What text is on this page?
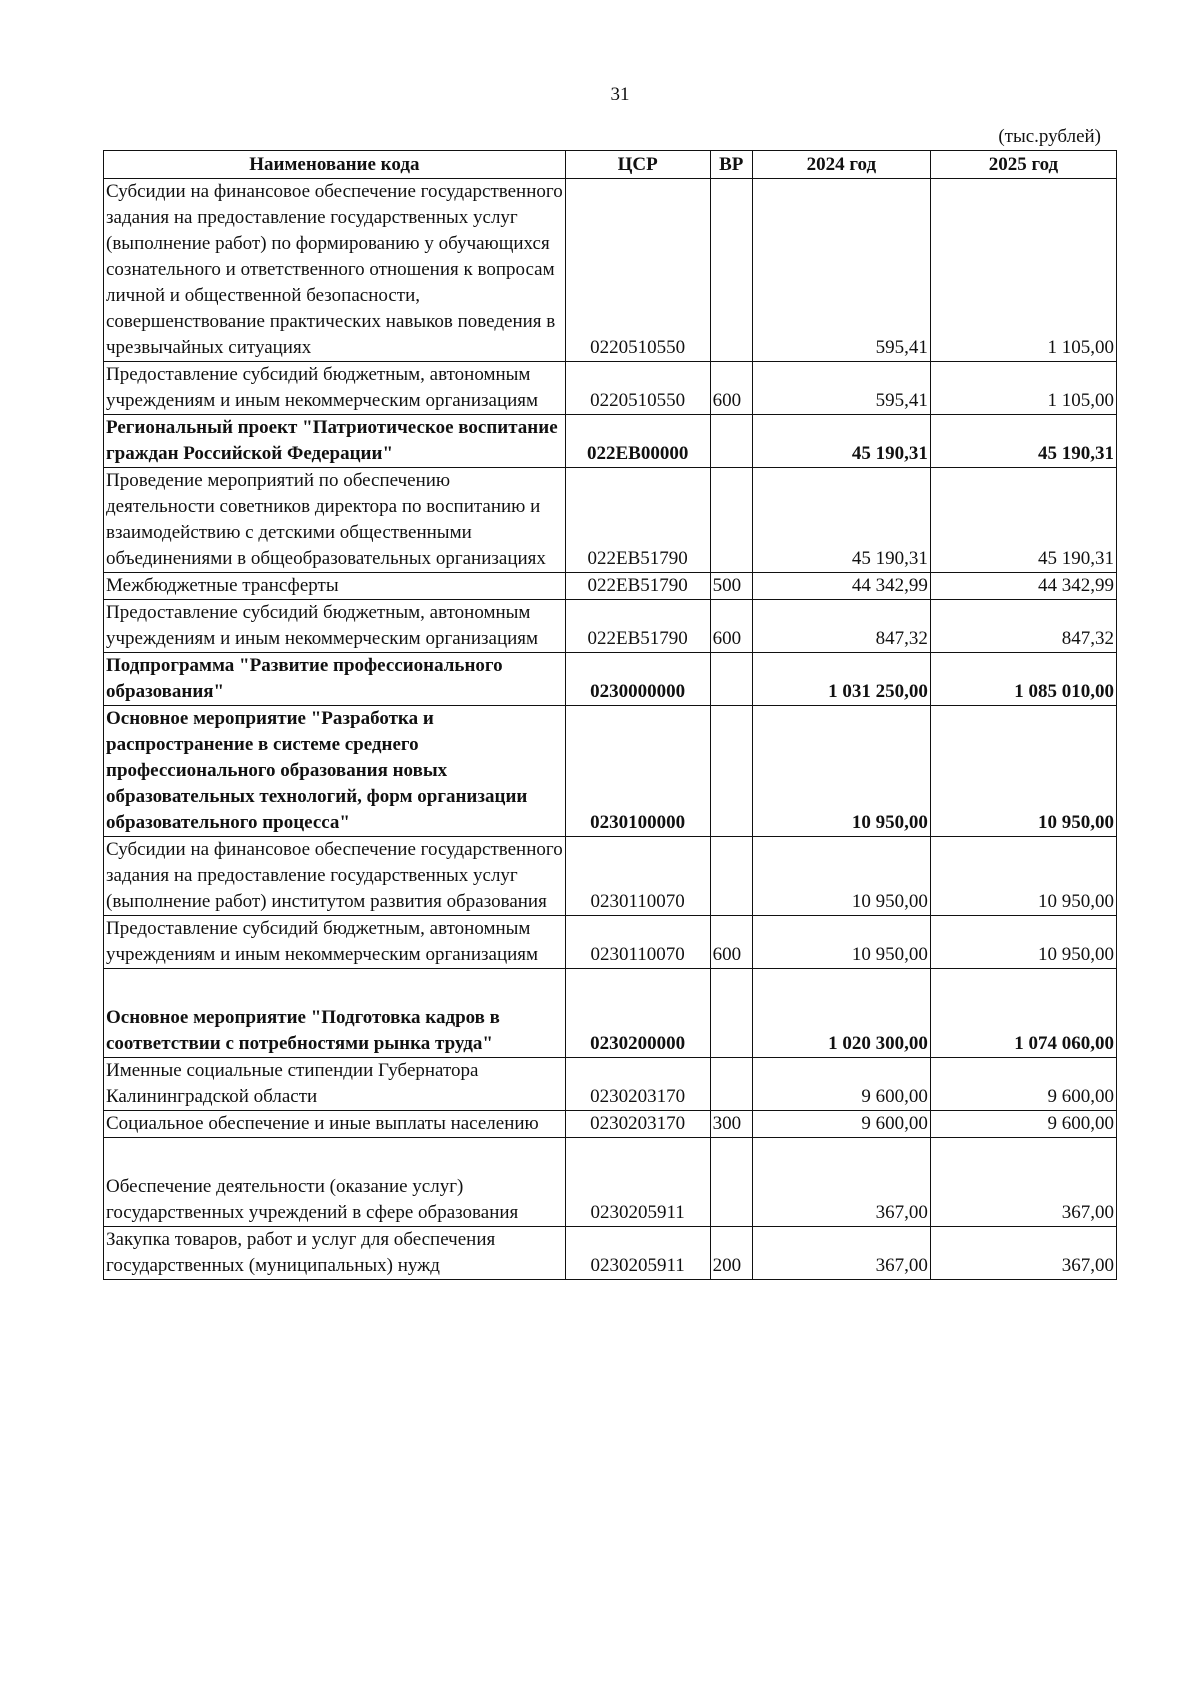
31
(тыс.рублей)
Наименование кода	ЦСР	ВР	2024 год	2025 год
Субсидии на финансовое обеспечение государственного задания на предоставление государственных услуг (выполнение работ) по формированию у обучающихся сознательного и ответственного отношения к вопросам личной и общественной безопасности, совершенствование практических навыков поведения в чрезвычайных ситуациях	0220510550		595,41	1 105,00
Предоставление субсидий бюджетным, автономным учреждениям и иным некоммерческим организациям	0220510550	600	595,41	1 105,00
Региональный проект "Патриотическое воспитание граждан Российской Федерации"	022EB00000		45 190,31	45 190,31
Проведение мероприятий по обеспечению деятельности советников директора по воспитанию и взаимодействию с детскими общественными объединениями в общеобразовательных организациях	022EB51790		45 190,31	45 190,31
Межбюджетные трансферты	022EB51790	500	44 342,99	44 342,99
Предоставление субсидий бюджетным, автономным учреждениям и иным некоммерческим организациям	022EB51790	600	847,32	847,32
Подпрограмма "Развитие профессионального образования"	0230000000		1 031 250,00	1 085 010,00
Основное мероприятие "Разработка и распространение в системе среднего профессионального образования новых образовательных технологий, форм организации образовательного процесса"	0230100000		10 950,00	10 950,00
Субсидии на финансовое обеспечение государственного задания на предоставление государственных услуг (выполнение работ) институтом развития образования	0230110070		10 950,00	10 950,00
Предоставление субсидий бюджетным, автономным учреждениям и иным некоммерческим организациям	0230110070	600	10 950,00	10 950,00
Основное мероприятие "Подготовка кадров в соответствии с потребностями рынка труда"	0230200000		1 020 300,00	1 074 060,00
Именные социальные стипендии Губернатора Калининградской области	0230203170		9 600,00	9 600,00
Социальное обеспечение и иные выплаты населению	0230203170	300	9 600,00	9 600,00
Обеспечение деятельности (оказание услуг) государственных учреждений в сфере образования	0230205911		367,00	367,00
Закупка товаров, работ и услуг для обеспечения государственных (муниципальных) нужд	0230205911	200	367,00	367,00
